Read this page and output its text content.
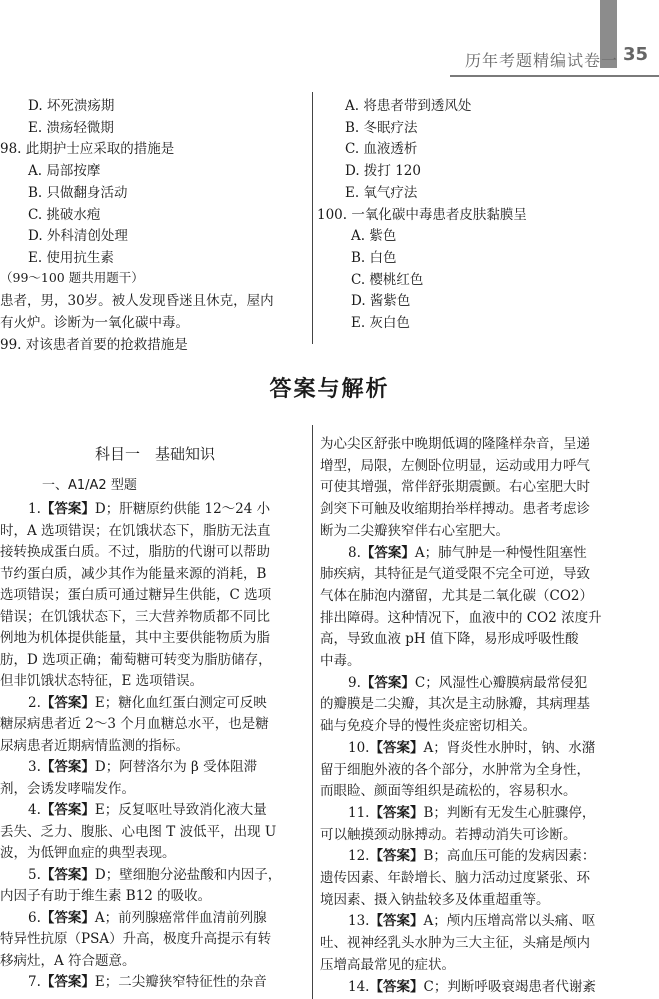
历年考题精编试卷一 35
D. 坏死溃疡期
E. 溃疡轻微期
98. 此期护士应采取的措施是
A. 局部按摩
B. 只做翻身活动
C. 挑破水疱
D. 外科清创处理
E. 使用抗生素
（99～100 题共用题干）
患者，男，30岁。被人发现昏迷且休克，屋内
有火炉。诊断为一氧化碳中毒。
99. 对该患者首要的抢救措施是
A. 将患者带到透风处
B. 冬眠疗法
C. 血液透析
D. 拨打 120
E. 氧气疗法
100. 一氧化碳中毒患者皮肤黏膜呈
A. 紫色
B. 白色
C. 樱桃红色
D. 酱紫色
E. 灰白色
答案与解析
科目一　基础知识
一、A1/A2 型题
1.【答案】D；肝糖原约供能 12～24 小
时，A 选项错误；在饥饿状态下，脂肪无法直
接转换成蛋白质。不过，脂肪的代谢可以帮助
节约蛋白质，减少其作为能量来源的消耗，B
选项错误；蛋白质可通过糖异生供能，C 选项
错误；在饥饿状态下，三大营养物质都不同比
例地为机体提供能量，其中主要供能物质为脂
肪，D 选项正确；葡萄糖可转变为脂肪储存，
但非饥饿状态特征，E 选项错误。
2.【答案】E；糖化血红蛋白测定可反映
糖尿病患者近 2～3 个月血糖总水平，也是糖
尿病患者近期病情监测的指标。
3.【答案】D；阿替洛尔为 β 受体阻滞
剂，会诱发哮喘发作。
4.【答案】E；反复呕吐导致消化液大量
丢失、乏力、腹胀、心电图 T 波低平，出现 U
波，为低钾血症的典型表现。
5.【答案】D；壁细胞分泌盐酸和内因子，
内因子有助于维生素 B12 的吸收。
6.【答案】A；前列腺癌常伴血清前列腺
特异性抗原（PSA）升高，极度升高提示有转
移病灶，A 符合题意。
7.【答案】E；二尖瓣狭窄特征性的杂音
为心尖区舒张中晚期低调的隆隆样杂音，呈递
增型，局限，左侧卧位明显，运动或用力呼气
可使其增强，常伴舒张期震颤。右心室肥大时
剑突下可触及收缩期抬举样搏动。患者考虑诊
断为二尖瓣狭窄伴右心室肥大。
8.【答案】A；肺气肿是一种慢性阻塞性
肺疾病，其特征是气道受限不完全可逆，导致
气体在肺泡内潴留，尤其是二氧化碳（CO2）
排出障碍。这种情况下，血液中的 CO2 浓度升
高，导致血液 pH 值下降，易形成呼吸性酸
中毒。
9.【答案】C；风湿性心瓣膜病最常侵犯
的瓣膜是二尖瓣，其次是主动脉瓣，其病理基
础与免疫介导的慢性炎症密切相关。
10.【答案】A；肾炎性水肿时，钠、水潴
留于细胞外液的各个部分，水肿常为全身性，
而眼睑、颜面等组织是疏松的，容易积水。
11.【答案】B；判断有无发生心脏骤停，
可以触摸颈动脉搏动。若搏动消失可诊断。
12.【答案】B；高血压可能的发病因素：
遗传因素、年龄增长、脑力活动过度紧张、环
境因素、摄入钠盐较多及体重超重等。
13.【答案】A；颅内压增高常以头痛、呕
吐、视神经乳头水肿为三大主征，头痛是颅内
压增高最常见的症状。
14.【答案】C；判断呼吸衰竭患者代谢紊
